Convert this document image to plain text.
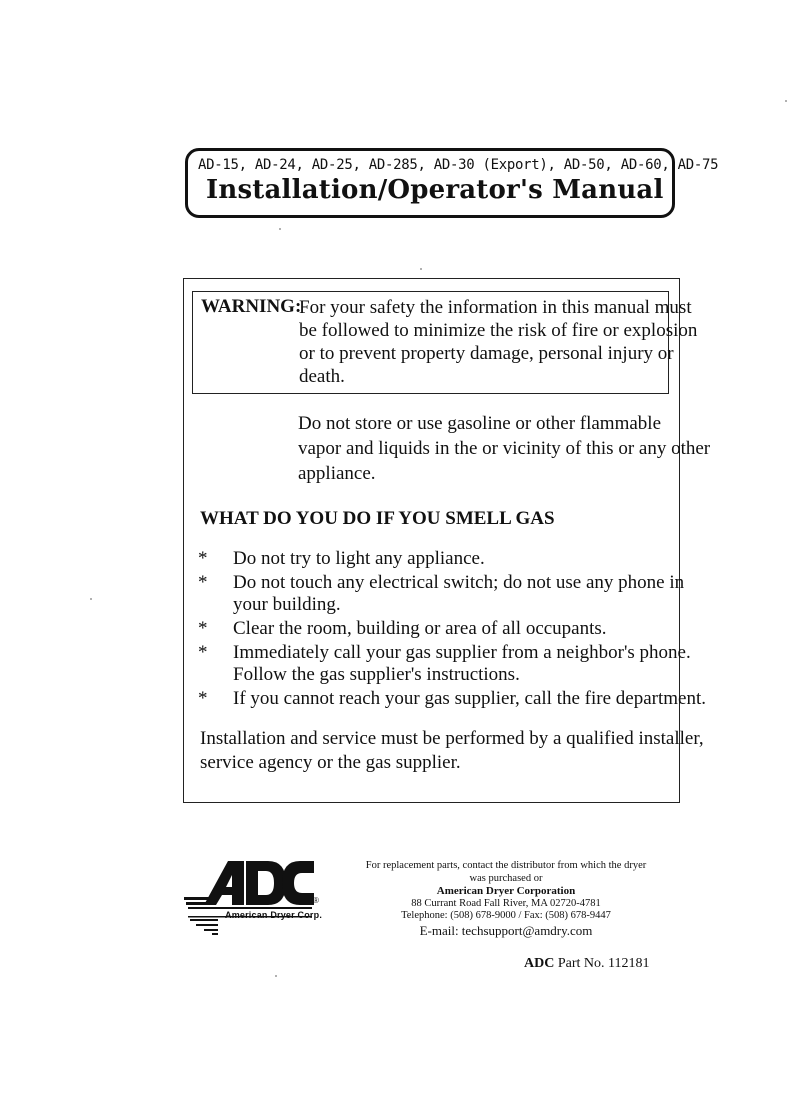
AD-15, AD-24, AD-25, AD-285, AD-30 (Export), AD-50, AD-60, AD-75
Installation/Operator's Manual
WARNING:
For your safety the information in this manual must
be followed to minimize the risk of fire or explosion
or to prevent property damage, personal injury or
death.
Do not store or use gasoline or other flammable
vapor and liquids in the or vicinity of this or any other
appliance.
WHAT DO YOU DO IF YOU SMELL GAS
*	Do not try to light any appliance.
*	Do not touch any electrical switch; do not use any phone in
your building.
*	Clear the room, building or area of all occupants.
*	Immediately call your gas supplier from a neighbor's phone.
Follow the gas supplier's instructions.
*	If you cannot reach your gas supplier, call the fire department.
Installation and service must be performed by a qualified installer,
service agency or the gas supplier.
American Dryer Corp.
®
For replacement parts, contact the distributor from which the dryer
was purchased or
American Dryer Corporation
88 Currant Road Fall River, MA 02720-4781
Telephone: (508) 678-9000 / Fax: (508) 678-9447
E-mail: techsupport@amdry.com
ADC Part No. 112181
